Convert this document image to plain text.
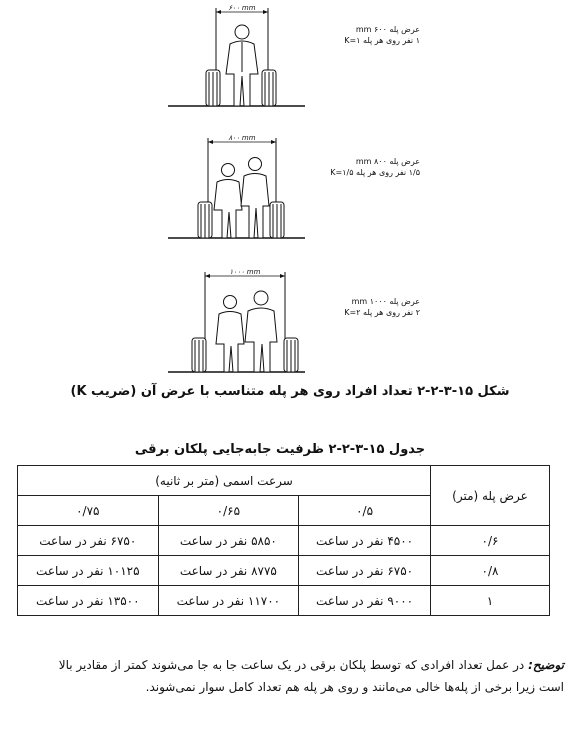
۶۰۰ mm
عرض پله ۶۰۰ mm
۱ نفر روی هر پله K=۱
۸۰۰ mm
عرض پله ۸۰۰ mm
۱/۵ نفر روی هر پله K=۱/۵
۱۰۰۰ mm
عرض پله ۱۰۰۰ mm
۲ نفر روی هر پله K=۲
شکل ۱۵-۳-۲-۲ تعداد افراد روی هر پله متناسب با عرض آن (ضریب K)
جدول ۱۵-۳-۲-۲ ظرفیت جابه‌جایی پلکان برقی
عرض پله (متر)	سرعت اسمی (متر بر ثانیه)		
	۰/۵	۰/۶۵	۰/۷۵
۰/۶	۴۵۰۰ نفر در ساعت	۵۸۵۰ نفر در ساعت	۶۷۵۰ نفر در ساعت
۰/۸	۶۷۵۰ نفر در ساعت	۸۷۷۵ نفر در ساعت	۱۰۱۲۵ نفر در ساعت
۱	۹۰۰۰ نفر در ساعت	۱۱۷۰۰ نفر در ساعت	۱۳۵۰۰ نفر در ساعت
توضیح: در عمل تعداد افرادی که توسط پلکان برقی در یک ساعت جا به جا می‌شوند کمتر از مقادیر بالا
است زیرا برخی از پله‌ها خالی می‌مانند و روی هر پله هم تعداد کامل سوار نمی‌شوند.
